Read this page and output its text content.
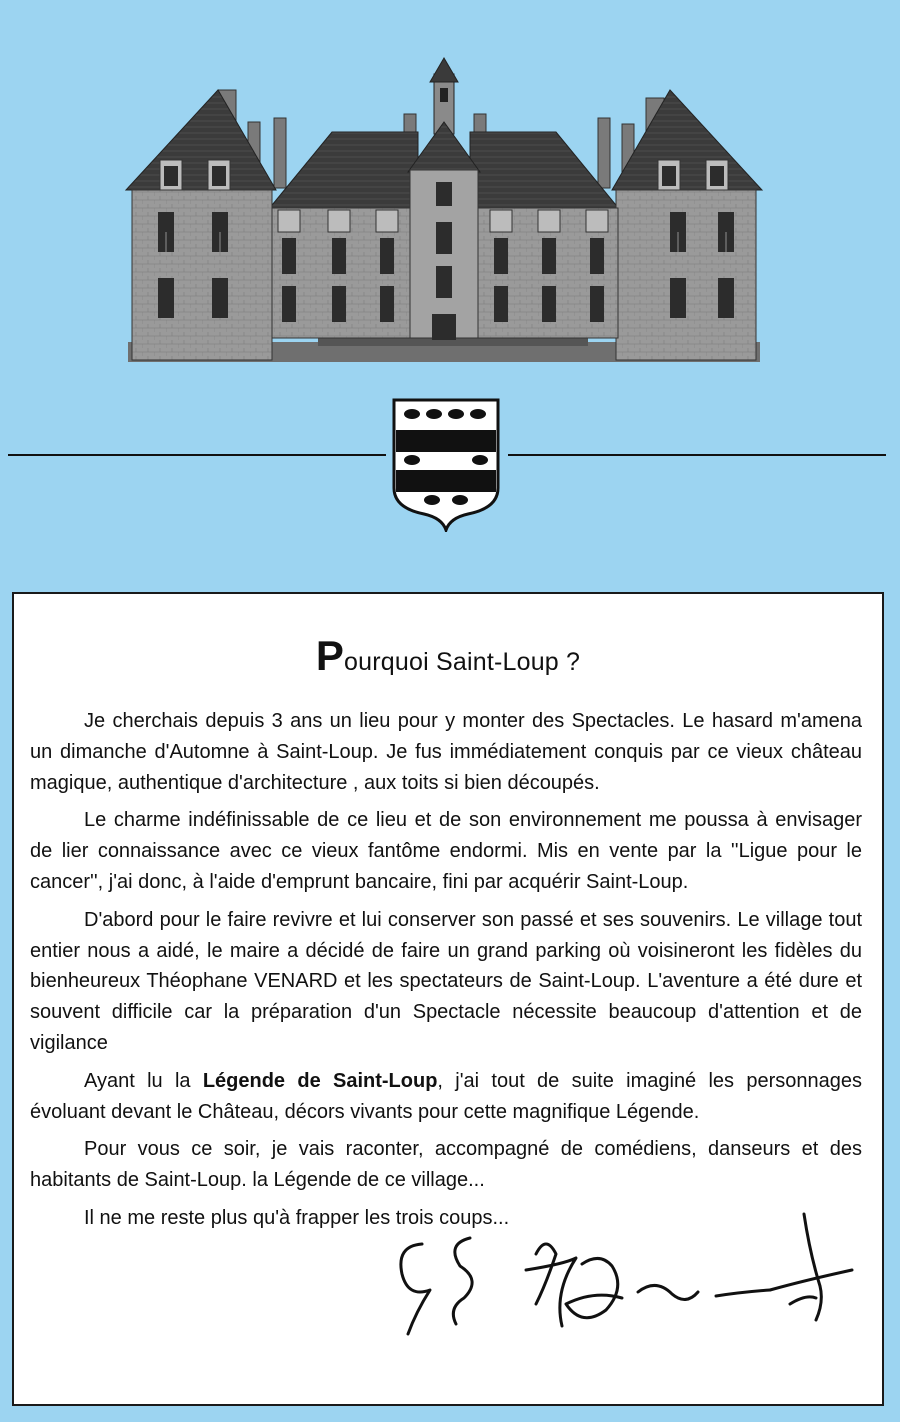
Pourquoi Saint-Loup ?

Je cherchais depuis 3 ans un lieu pour y monter des Spectacles. Le hasard m'amena un dimanche d'Automne à Saint-Loup. Je fus immédiatement conquis par ce vieux château magique, authentique d'architecture , aux toits si bien découpés.

Le charme indéfinissable de ce lieu et de son environnement me poussa à envisager de lier connaissance avec ce vieux fantôme endormi. Mis en vente par la ''Ligue pour le cancer'', j'ai donc, à l'aide d'emprunt bancaire, fini par acquérir Saint-Loup.

D'abord pour le faire revivre et lui conserver son passé et ses souvenirs. Le village tout entier nous a aidé, le maire a décidé de faire un grand parking où voisineront les fidèles du bienheureux Théophane VENARD et les spectateurs de Saint-Loup. L'aventure a été dure et souvent difficile car la préparation d'un Spectacle nécessite beaucoup d'attention et de vigilance

Ayant lu la Légende de Saint-Loup, j'ai tout de suite imaginé les personnages évoluant devant le Château, décors vivants pour cette magnifique Légende.

Pour vous ce soir, je vais raconter, accompagné de comédiens, danseurs et des habitants de Saint-Loup. la Légende de ce village...

Il ne me reste plus qu'à frapper les trois coups...
